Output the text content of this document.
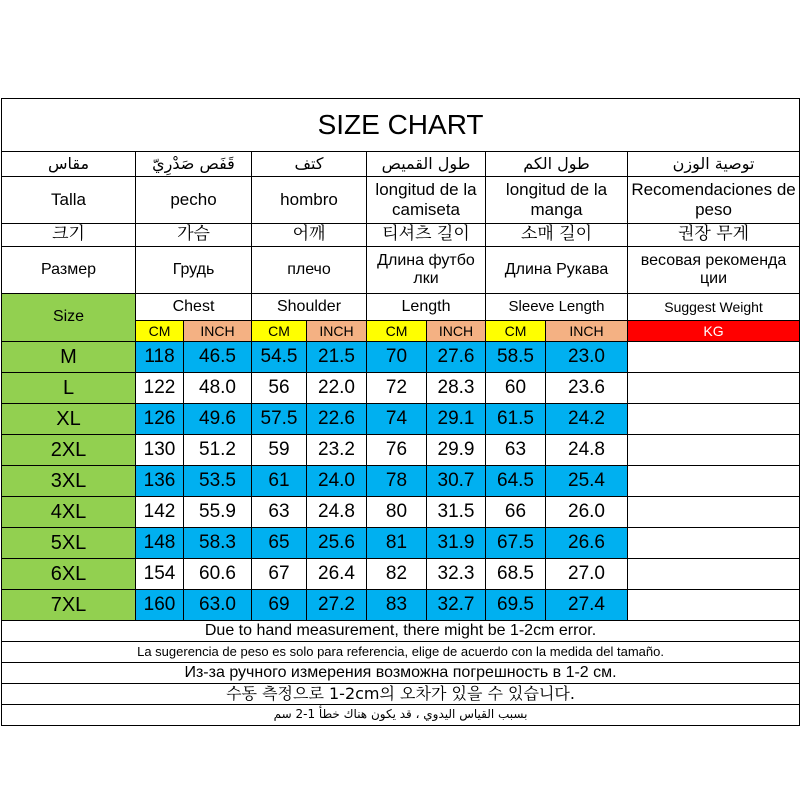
SIZE CHART									
مقاس	قَفَص صَدْرِيّ		كتف		طول القميص		طول الكم		توصية الوزن
Talla	pecho		hombro		longitud de la camiseta		longitud de la manga		Recomendaciones de peso
크기	가슴		어깨		티셔츠 길이		소매 길이		권장 무게
Размер	Грудь		плечо		Длина футбо лки		Длина Рукава		весовая рекоменда ции
Size	Chest		Shoulder		Length		Sleeve Length		Suggest Weight
	CM	INCH	CM	INCH	CM	INCH	CM	INCH	KG
M	118	46.5	54.5	21.5	70	27.6	58.5	23.0	
L	122	48.0	56	22.0	72	28.3	60	23.6	
XL	126	49.6	57.5	22.6	74	29.1	61.5	24.2	
2XL	130	51.2	59	23.2	76	29.9	63	24.8	
3XL	136	53.5	61	24.0	78	30.7	64.5	25.4	
4XL	142	55.9	63	24.8	80	31.5	66	26.0	
5XL	148	58.3	65	25.6	81	31.9	67.5	26.6	
6XL	154	60.6	67	26.4	82	32.3	68.5	27.0	
7XL	160	63.0	69	27.2	83	32.7	69.5	27.4	
Due to hand measurement, there might be 1-2cm error.									
La sugerencia de peso es solo para referencia, elige de acuerdo con la medida del tamaño.									
Из-за ручного измерения возможна погрешность в 1-2 см.									
수동 측정으로 1-2cm의 오차가 있을 수 있습니다.									
بسبب القياس اليدوي ، قد يكون هناك خطأ 1-2 سم									
